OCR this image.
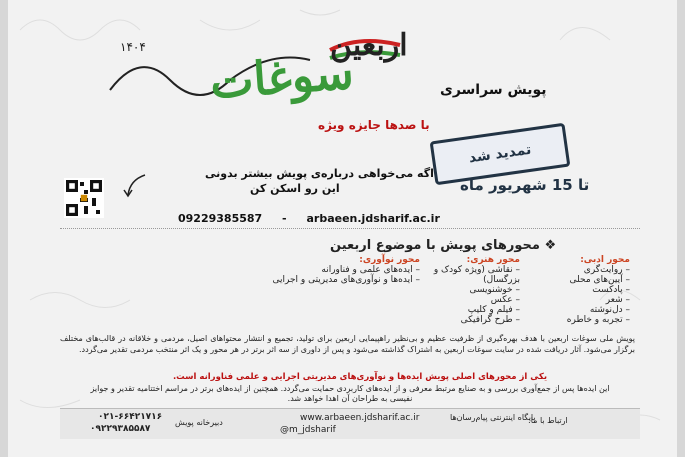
۱۴۰۴ سوغات
اربعین
پویش سراسری
با صدها جایزه ویژه
تمدید شد
تا 15 شهریور ماه
اگه می‌خواهی درباره‌ی پویش بیشتر بدونی
این رو اسکن کن
09229385587 - arbaeen.jdsharif.ac.ir
❖ محورهای پویش با موضوع اربعین
محور ادبی:
– روایت‌گری
– آیین‌های محلی
– پادکست
– شعر
– دل‌نوشته
– تجربه و خاطره
محور هنری:
– نقاشی (ویژه کودک و بزرگسال)
– خوشنویسی
– عکس
– فیلم و کلیپ
– طرح گرافیکی
محور نوآوری:
– ایده‌های علمی و فناورانه
– ایده‌ها و نوآوری‌های مدیریتی و اجرایی
پویش ملی سوغات اربعین با هدف بهره‌گیری از ظرفیت عظیم و بی‌نظیر راهپیمایی اربعین برای تولید، تجمیع و انتشار محتواهای اصیل، مردمی و خلاقانه در قالب‌های مختلف برگزار می‌شود. آثار دریافت شده در سایت سوغات اربعین به اشتراک گذاشته می‌شود و پس از داوری از سه اثر برتر در هر محور و یک اثر منتخب مردمی تقدیر می‌گردد.
یکی از محورهای اصلی پویش ایده‌ها و نوآوری‌های مدیریتی اجرایی و علمی فناورانه است.
این ایده‌ها پس از جمع‌آوری بررسی و به صنایع مرتبط معرفی و از ایده‌های کاربردی حمایت می‌گردد. همچنین از ایده‌های برتر در مراسم اختتامیه تقدیر و جوایز نفیسی به طراحان آن اهدا خواهد شد.
ارتباط با ما:
پایگاه اینترنتی پیام‌رسان‌ها
www.arbaeen.jdsharif.ac.ir
@m_jdsharif
دبیرخانه پویش
۰۲۱-۶۶۴۲۱۷۱۶
۰۹۲۲۹۳۸۵۵۸۷
